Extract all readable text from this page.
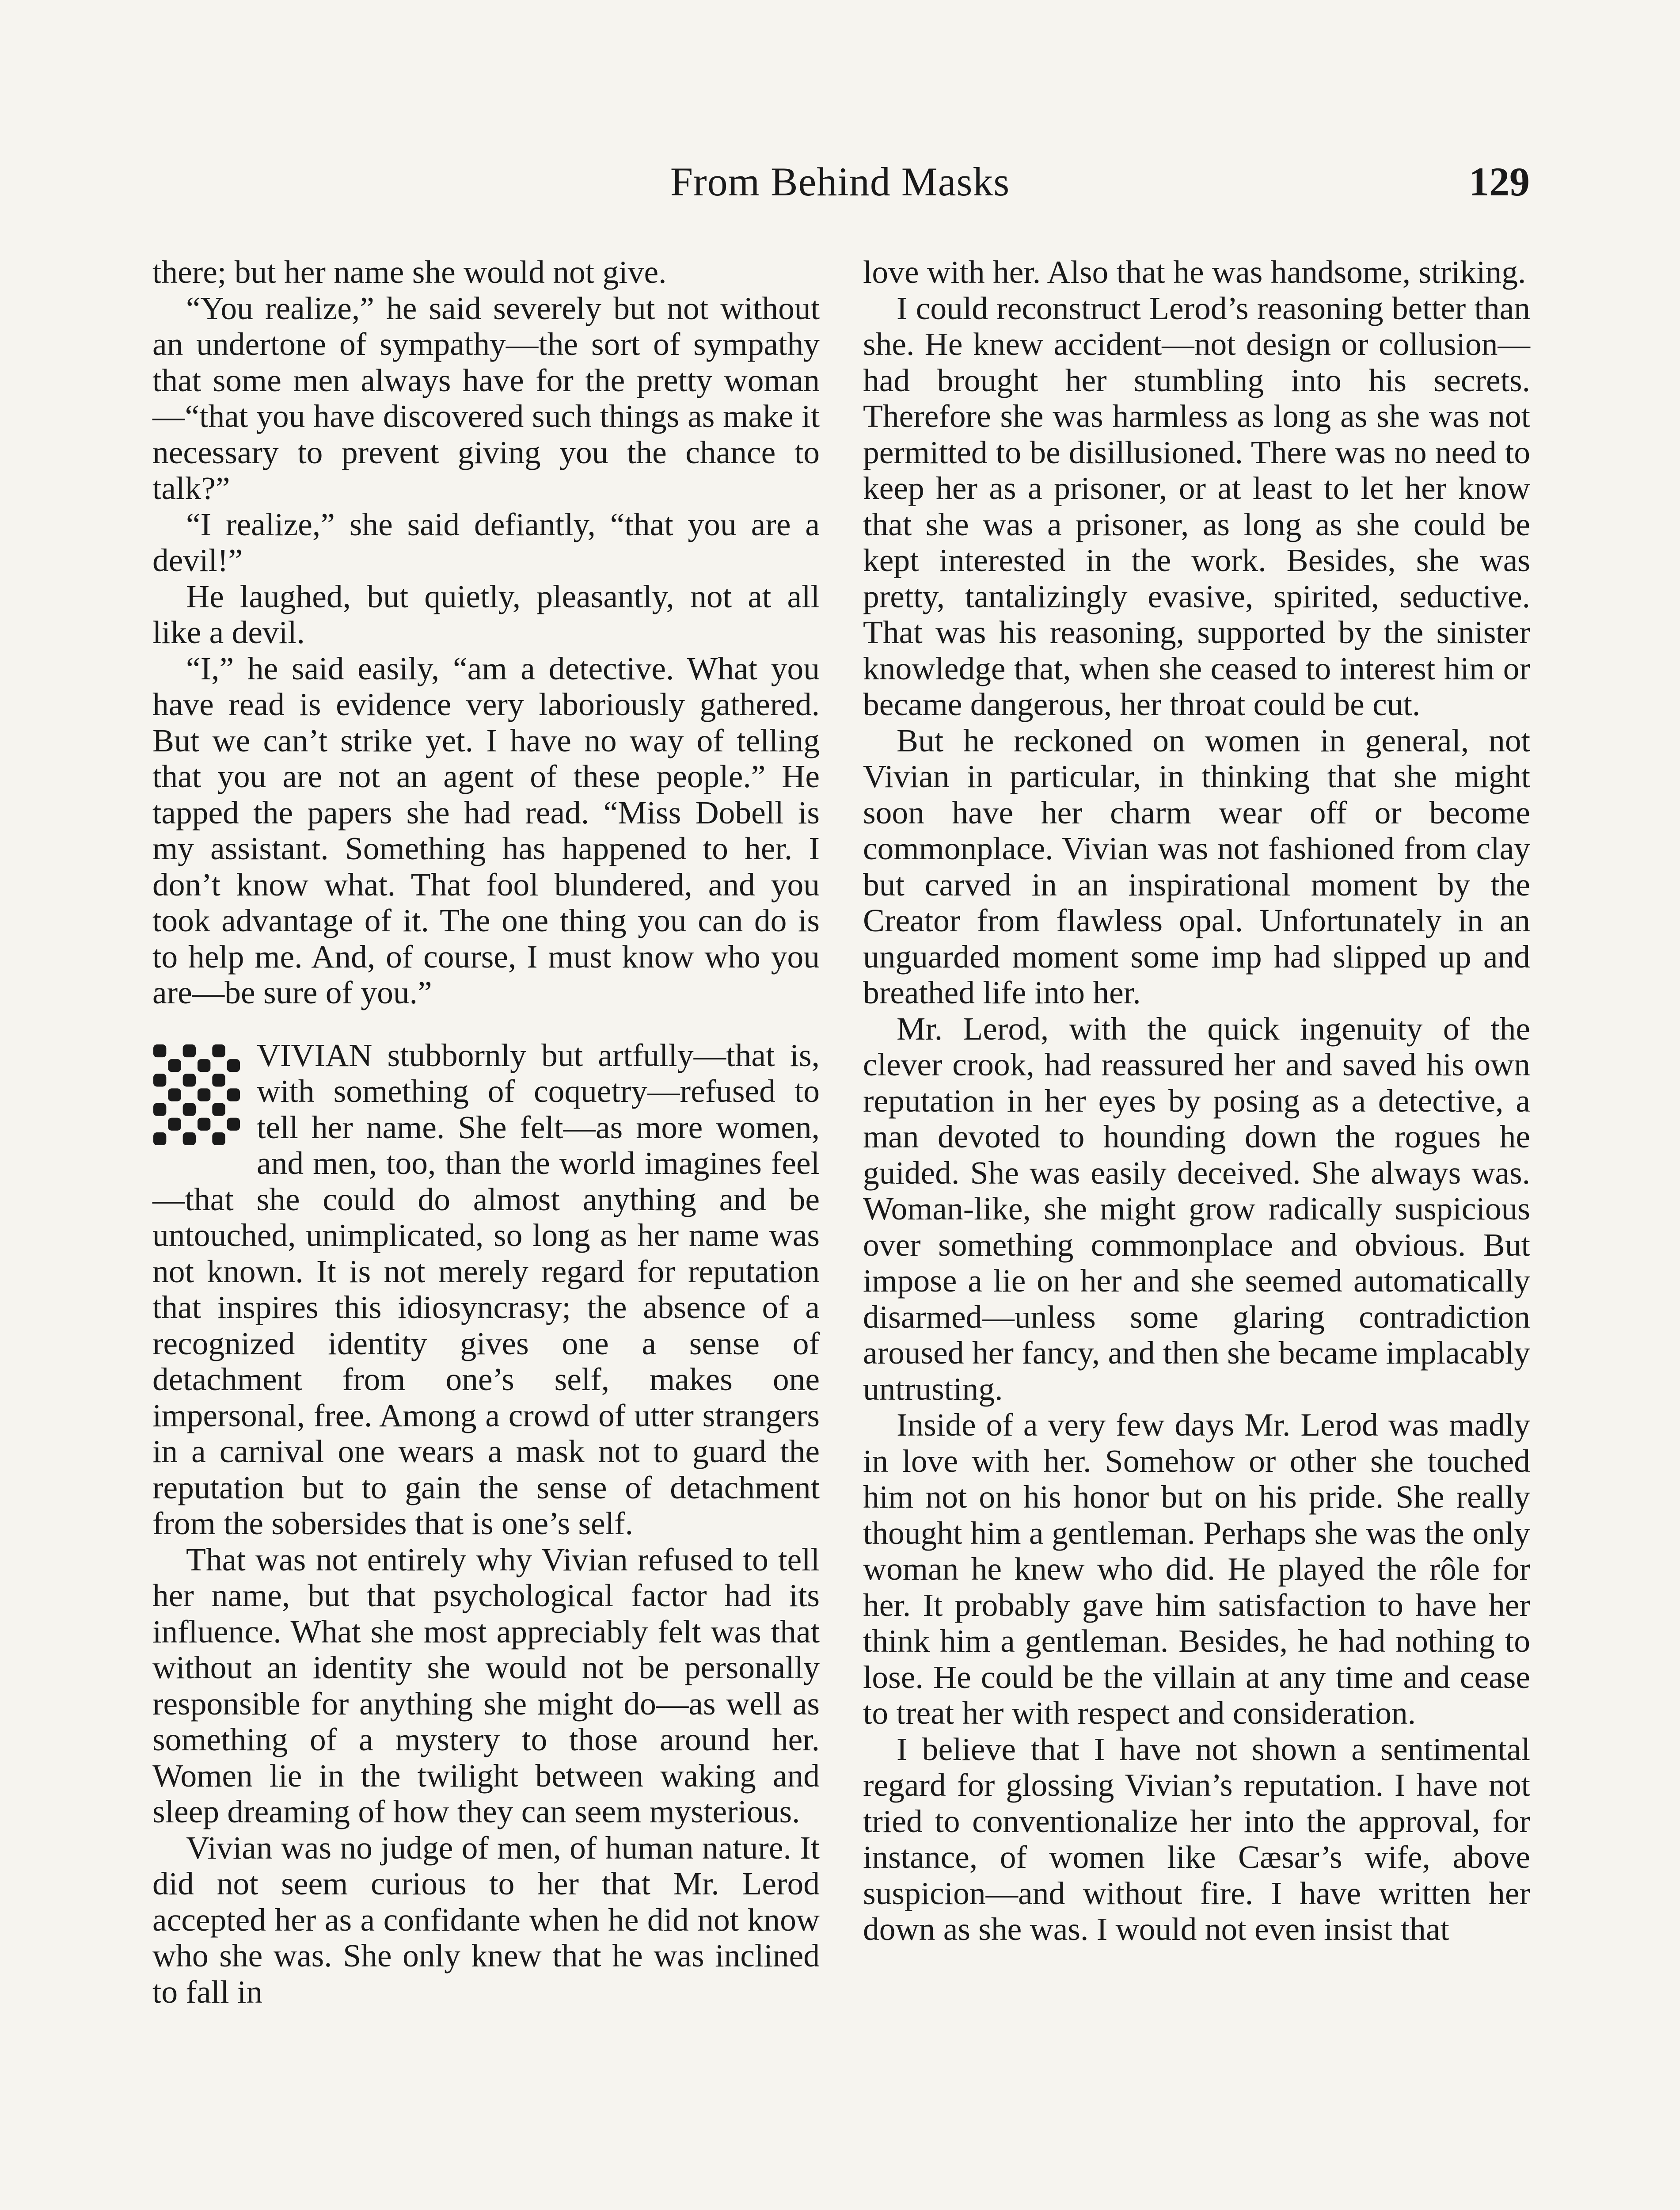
From Behind Masks	129

there; but her name she would not give.

“You realize,” he said severely but not without an undertone of sympathy—the sort of sympathy that some men always have for the pretty woman—“that you have discovered such things as make it necessary to prevent giving you the chance to talk?”

“I realize,” she said defiantly, “that you are a devil!”

He laughed, but quietly, pleasantly, not at all like a devil.

“I,” he said easily, “am a detective. What you have read is evidence very laboriously gathered. But we can’t strike yet. I have no way of telling that you are not an agent of these people.” He tapped the papers she had read. “Miss Dobell is my assistant. Something has happened to her. I don’t know what. That fool blundered, and you took advantage of it. The one thing you can do is to help me. And, of course, I must know who you are—be sure of you.”

VIVIAN stubbornly but artfully—that is, with something of coquetry—refused to tell her name. She felt—as more women, and men, too, than the world imagines feel—that she could do almost anything and be untouched, unimplicated, so long as her name was not known. It is not merely regard for reputation that inspires this idiosyncrasy; the absence of a recognized identity gives one a sense of detachment from one’s self, makes one impersonal, free. Among a crowd of utter strangers in a carnival one wears a mask not to guard the reputation but to gain the sense of detachment from the sobersides that is one’s self.

That was not entirely why Vivian refused to tell her name, but that psychological factor had its influence. What she most appreciably felt was that without an identity she would not be personally responsible for anything she might do—as well as something of a mystery to those around her. Women lie in the twilight between waking and sleep dreaming of how they can seem mysterious.

Vivian was no judge of men, of human nature. It did not seem curious to her that Mr. Lerod accepted her as a confidante when he did not know who she was. She only knew that he was inclined to fall in

love with her. Also that he was handsome, striking.

I could reconstruct Lerod’s reasoning better than she. He knew accident—not design or collusion—had brought her stumbling into his secrets. Therefore she was harmless as long as she was not permitted to be disillusioned. There was no need to keep her as a prisoner, or at least to let her know that she was a prisoner, as long as she could be kept interested in the work. Besides, she was pretty, tantalizingly evasive, spirited, seductive. That was his reasoning, supported by the sinister knowledge that, when she ceased to interest him or became dangerous, her throat could be cut.

But he reckoned on women in general, not Vivian in particular, in thinking that she might soon have her charm wear off or become commonplace. Vivian was not fashioned from clay but carved in an inspirational moment by the Creator from flawless opal. Unfortunately in an unguarded moment some imp had slipped up and breathed life into her.

Mr. Lerod, with the quick ingenuity of the clever crook, had reassured her and saved his own reputation in her eyes by posing as a detective, a man devoted to hounding down the rogues he guided. She was easily deceived. She always was. Woman-like, she might grow radically suspicious over something commonplace and obvious. But impose a lie on her and she seemed automatically disarmed—unless some glaring contradiction aroused her fancy, and then she became implacably untrusting.

Inside of a very few days Mr. Lerod was madly in love with her. Somehow or other she touched him not on his honor but on his pride. She really thought him a gentleman. Perhaps she was the only woman he knew who did. He played the rôle for her. It probably gave him satisfaction to have her think him a gentleman. Besides, he had nothing to lose. He could be the villain at any time and cease to treat her with respect and consideration.

I believe that I have not shown a sentimental regard for glossing Vivian’s reputation. I have not tried to conventionalize her into the approval, for instance, of women like Cæsar’s wife, above suspicion—and without fire. I have written her down as she was. I would not even insist that
